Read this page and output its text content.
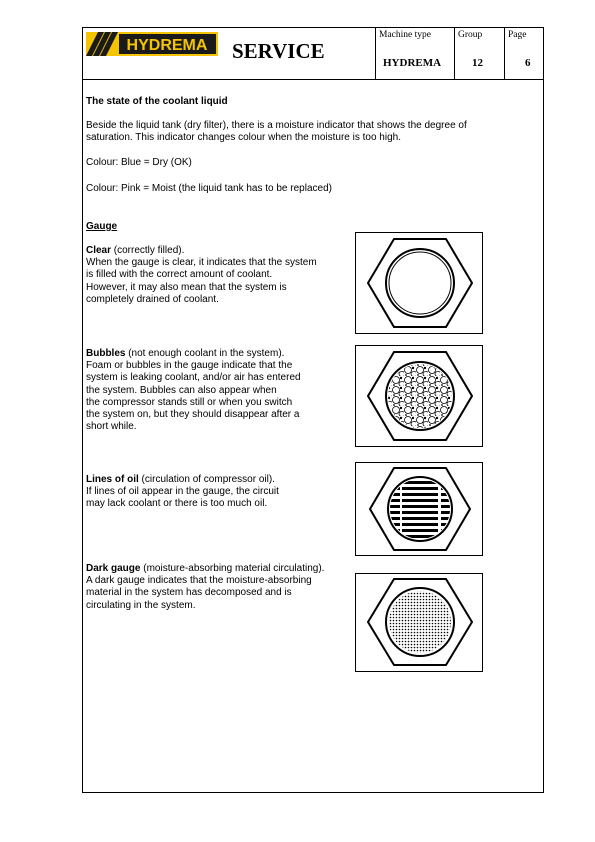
HYDREMA SERVICE
Machine type
HYDREMA
Group
12
Page
6
The state of the coolant liquid
Beside the liquid tank (dry filter), there is a moisture indicator that shows the degree of
saturation. This indicator changes colour when the moisture is too high.
Colour: Blue = Dry (OK)
Colour: Pink = Moist (the liquid tank has to be replaced)
Gauge
Clear (correctly filled).
When the gauge is clear, it indicates that the system
is filled with the correct amount of coolant.
However, it may also mean that the system is
completely drained of coolant.
Bubbles (not enough coolant in the system).
Foam or bubbles in the gauge indicate that the
system is leaking coolant, and/or air has entered
the system. Bubbles can also appear when
the compressor stands still or when you switch
the system on, but they should disappear after a
short while.
Lines of oil (circulation of compressor oil).
If lines of oil appear in the gauge, the circuit
may lack coolant or there is too much oil.
Dark gauge (moisture-absorbing material circulating).
A dark gauge indicates that the moisture-absorbing
material in the system has decomposed and is
circulating in the system.
